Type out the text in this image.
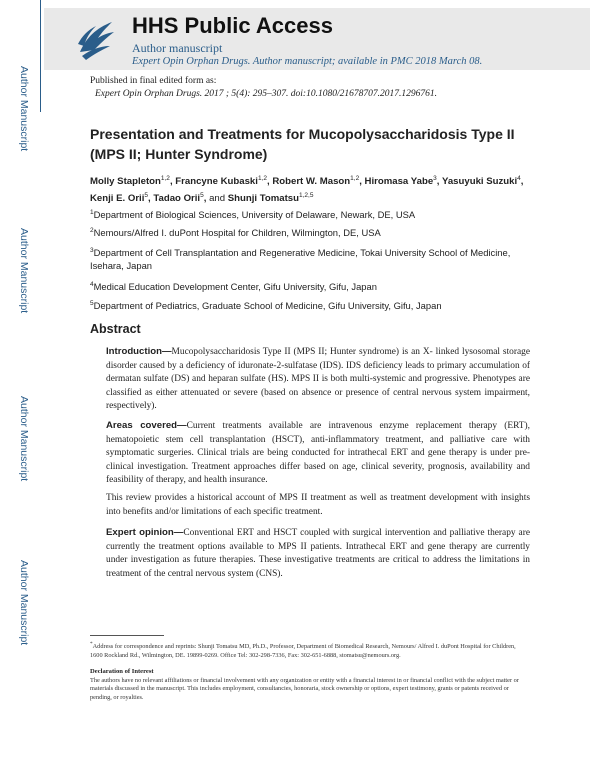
Author Manuscript
Author Manuscript
Author Manuscript
Author Manuscript
HHS Public Access
Author manuscript
Expert Opin Orphan Drugs. Author manuscript; available in PMC 2018 March 08.
Published in final edited form as:
Expert Opin Orphan Drugs. 2017 ; 5(4): 295–307. doi:10.1080/21678707.2017.1296761.
Presentation and Treatments for Mucopolysaccharidosis Type II (MPS II; Hunter Syndrome)
Molly Stapleton$^{1,2}$, Francyne Kubaski$^{1,2}$, Robert W. Mason$^{1,2}$, Hiromasa Yabe$^3$, Yasuyuki Suzuki$^4$, Kenji E. Orii$^5$, Tadao Orii$^5$, and Shunji Tomatsu$^{1,2,5}$
$^1$Department of Biological Sciences, University of Delaware, Newark, DE, USA
$^2$Nemours/Alfred I. duPont Hospital for Children, Wilmington, DE, USA
$^3$Department of Cell Transplantation and Regenerative Medicine, Tokai University School of Medicine, Isehara, Japan
$^4$Medical Education Development Center, Gifu University, Gifu, Japan
$^5$Department of Pediatrics, Graduate School of Medicine, Gifu University, Gifu, Japan
Abstract
Introduction—Mucopolysaccharidosis Type II (MPS II; Hunter syndrome) is an X- linked lysosomal storage disorder caused by a deficiency of iduronate-2-sulfatase (IDS). IDS deficiency leads to primary accumulation of dermatan sulfate (DS) and heparan sulfate (HS). MPS II is both multi-systemic and progressive. Phenotypes are classified as either attenuated or severe (based on absence or presence of central nervous system impairment, respectively).
Areas covered—Current treatments available are intravenous enzyme replacement therapy (ERT), hematopoietic stem cell transplantation (HSCT), anti-inflammatory treatment, and palliative care with symptomatic surgeries. Clinical trials are being conducted for intrathecal ERT and gene therapy is under pre-clinical investigation. Treatment approaches differ based on age, clinical severity, prognosis, availability and feasibility of therapy, and health insurance.
This review provides a historical account of MPS II treatment as well as treatment development with insights into benefits and/or limitations of each specific treatment.
Expert opinion—Conventional ERT and HSCT coupled with surgical intervention and palliative therapy are currently the treatment options available to MPS II patients. Intrathecal ERT and gene therapy are currently under investigation as future therapies. These investigative treatments are critical to address the limitations in treatment of the central nervous system (CNS).
*Address for correspondence and reprints: Shunji Tomatsu MD, Ph.D., Professor, Department of Biomedical Research, Nemours/ Alfred I. duPont Hospital for Children, 1600 Rockland Rd., Wilmington, DE. 19899-0269. Office Tel: 302-298-7336, Fax: 302-651-6888, stomatsu@nemours.org.
Declaration of Interest
The authors have no relevant affiliations or financial involvement with any organization or entity with a financial interest in or financial conflict with the subject matter or materials discussed in the manuscript. This includes employment, consultancies, honoraria, stock ownership or options, expert testimony, grants or patents received or pending, or royalties.
